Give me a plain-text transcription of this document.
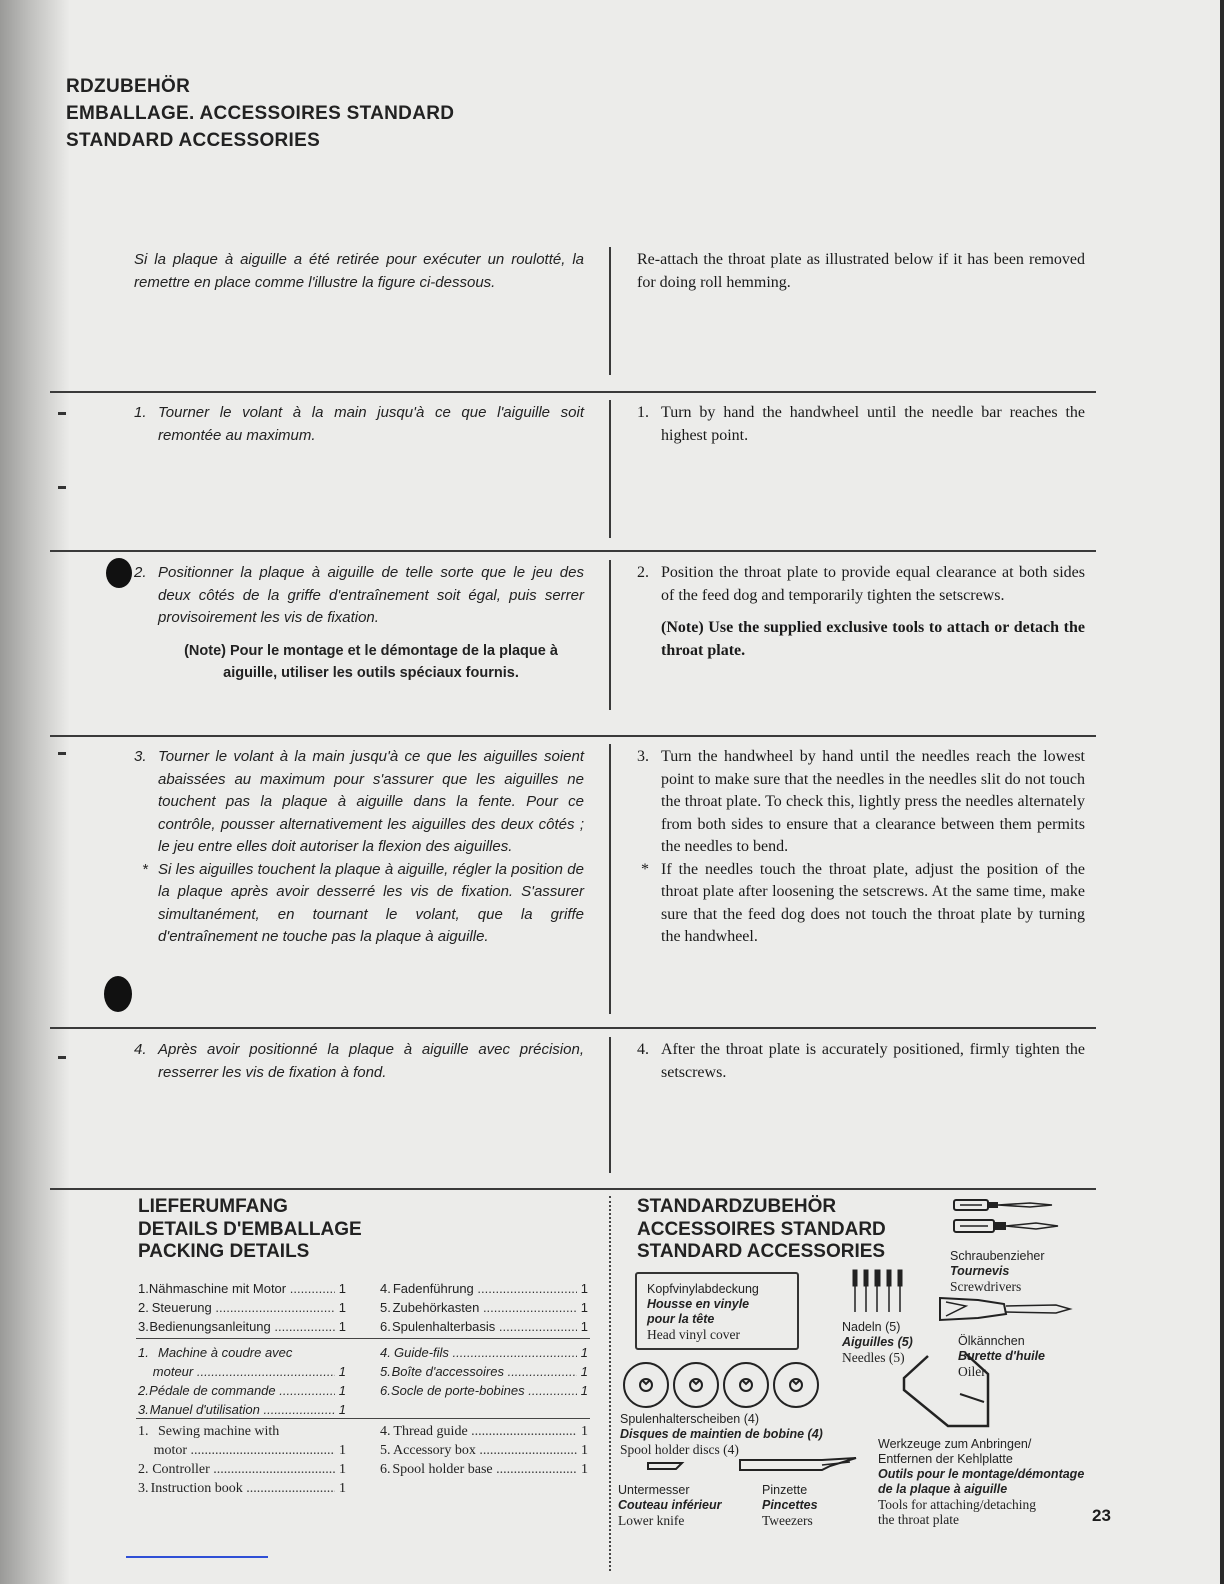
RDZUBEHÖR
EMBALLAGE. ACCESSOIRES STANDARD
STANDARD ACCESSORIES
Si la plaque à aiguille a été retirée pour exécuter un roulotté, la remettre en place comme l'illustre la figure ci-dessous.
Re-attach the throat plate as illustrated below if it has been removed for doing roll hemming.
1. Tourner le volant à la main jusqu'à ce que l'aiguille soit remontée au maximum.
1. Turn by hand the handwheel until the needle bar reaches the highest point.
2. Positionner la plaque à aiguille de telle sorte que le jeu des deux côtés de la griffe d'entraînement soit égal, puis serrer provisoirement les vis de fixation.
(Note) Pour le montage et le démontage de la plaque à aiguille, utiliser les outils spéciaux fournis.
2. Position the throat plate to provide equal clearance at both sides of the feed dog and temporarily tighten the setscrews.
(Note) Use the supplied exclusive tools to attach or detach the throat plate.
3. Tourner le volant à la main jusqu'à ce que les aiguilles soient abaissées au maximum pour s'assurer que les aiguilles ne touchent pas la plaque à aiguille dans la fente. Pour ce contrôle, pousser alternativement les aiguilles des deux côtés ; le jeu entre elles doit autoriser la flexion des aiguilles.
* Si les aiguilles touchent la plaque à aiguille, régler la position de la plaque après avoir desserré les vis de fixation. S'assurer simultanément, en tournant le volant, que la griffe d'entraînement ne touche pas la plaque à aiguille.
3. Turn the handwheel by hand until the needles reach the lowest point to make sure that the needles in the needles slit do not touch the throat plate. To check this, lightly press the needles alternately from both sides to ensure that a clearance between them permits the needles to bend.
* If the needles touch the throat plate, adjust the position of the throat plate after loosening the setscrews. At the same time, make sure that the feed dog does not touch the throat plate by turning the handwheel.
4. Après avoir positionné la plaque à aiguille avec précision, resserrer les vis de fixation à fond.
4. After the throat plate is accurately positioned, firmly tighten the setscrews.
LIEFERUMFANG
DETAILS D'EMBALLAGE
PACKING DETAILS
1. Nähmaschine mit Motor .....	1
2. Steuerung .....	1
3. Bedienungsanleitung .....	1
4. Fadenführung .....	1
5. Zubehörkasten .....	1
6. Spulenhalterbasis .....	1
1. Machine à coudre avec
moteur .....	1
2. Pédale de commande .....	1
3. Manuel d'utilisation .....	1
4. Guide-fils .....	1
5. Boîte d'accessoires .....	1
6. Socle de porte-bobines .....	1
1. Sewing machine with
motor .....	1
2. Controller .....	1
3. Instruction book .....	1
4. Thread guide .....	1
5. Accessory box .....	1
6. Spool holder base .....	1
STANDARDZUBEHÖR
ACCESSOIRES STANDARD
STANDARD ACCESSORIES	Schraubenzieher
Tournevis
Screwdrivers
Kopfvinylabdeckung
Housse en vinyle
pour la tête
Head vinyl cover	Nadeln (5)
Aiguilles (5)
Needles (5)
Ölkännchen
Burette d'huile
Oiler
Spulenhalterscheiben (4)
Disques de maintien de bobine (4)
Spool holder discs (4)	Werkzeuge zum Anbringen/
Entfernen der Kehlplatte
Outils pour le montage/démontage
de la plaque à aiguille
Tools for attaching/detaching
the throat plate
Untermesser
Couteau inférieur
Lower knife
Pinzette
Pincettes
Tweezers	23
